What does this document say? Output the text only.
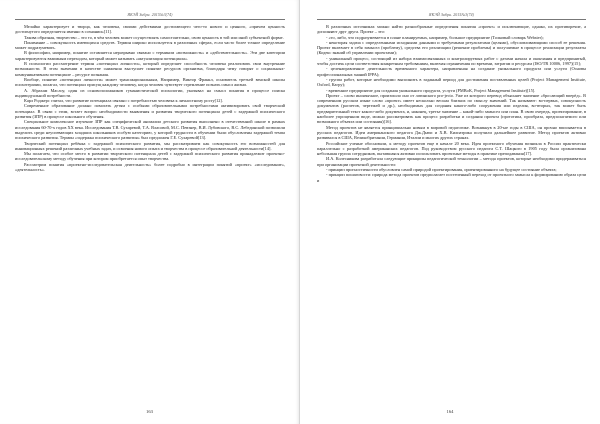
ЯКЭЙ Зибрн. 2015№3(74)

Мелайко характеризует и творца, как человека, своими действиями достигающего чего-то нового и ценного, «причем ценность достигнутого определяется именно в сознании»[11].

Такова образная, творчество – это то, в чём человек может осуществлять самостоятельно, свою ценность в той или иной субъектной форме.

Понимание – совокупность имеющихся средств. Термин широко используется в различных сферах, если часто более точное определение может подразумевать.

В философии, например, понятие оставляется неразрывно связано с термином «возможность» и «действительность». Эти две категории характеризуются взаимным переходом, который может называть «актуализация потенциала».

В психологии рассмотрение термин «потенциал личности», который определяет способность человека реализовать свои внутренние возможности. В этом значении в качестве снижения выступает понятие ресурсов организма, благодаря чему говорят о социальных-коммуникативном потенциале – ресурсе познания.

Вообще, понятие «потенциал личности» может трансакциональным, Например, Виктор Франкл, основатель третьей венской школы психотерапии, полагал, что потенциал присущ каждому человеку, когда человек чувствует стремление познать смысл жизни.

А. Абрахам Маслоу, один из основоположников гуманистической психологии, указывал на смысл понятия в процессе поиска индивидуальной потребности.

Карл Роджерс считал, что развитие потенциала связано с потребностью человека к личностному росту[12].

Современное образование должно помогать детям с особыми образовательными потребностями активизировать свой творческий потенциал. В связи с этим, встает вопрос необходимости выявления и развития творческого потенциала детей с задержкой психического развития (ЗПР) в процессе школьного обучения.

Специальное комплексное изучение ЗПР как специфической аномалии детского развития выполнено в отечественной школе в рамках исследования 60-70-х годов XX века. Исследования Т.В. Сухаревой, Т.А. Власовой, М.С. Певзнер, В.И. Лубовского, В.С. Лебединской позволили выделить среди неуспевающих младших школьников особую категорию, у которой трудности в обучении были обусловлены задержкой темпа психического развития. Термин «задержка психического развития» был предложен Г.Е. Сухаревой[13].

Творческий потенциал ребёнка с задержкой психического развития, мы рассматриваем как совокупность его возможностей для инновационных решений различных учебных задач, и освоения нового опыта и творчества в процессе образовательной деятельности[14].

Мы полагаем, что особое место в развитии творческого потенциала детей с задержкой психического развития принадлежит проектно-исследовательскому методу обучения при котором приобретается опыт творчества.

Рассмотрим понятия «проектно-исследовательская деятельность» более подробно в интеграции понятий «проект» «исследование», «деятельность».

163
ЯКЭЙ Зибрн. 2015№3(74)

В различных источниках можно найти разнообразные определения понятия «проект» и исключающие, однако, их противоречие, а дополняют друг друга. Проект – это:

- «то, либо, что подразумевается в плане планируемых, например, большое предприятие (Толковый словарь Webster);

- некоторая задача с определенными исходными данными и требуемыми результатами (целями), обусловливающими способ ее решения. Проект включает в себя замысел (проблему), средства его реализации (решение проблемы) и получаемые в процессе реализации результаты (Кодекс знаний об управлении проектами);

- уникальный процесс, состоящий из набора взаимосвязанных и контролируемых работ с датами начала и окончания и предпринятый, чтобы достичь цели соответствия конкретным требованиям, включая ограничения по времени, затратам и ресурсам (ISO/TR 10006, 1997)[15];

- целенаправленное деятельность временного характера, направленная на создание уникального продукта или услуги (Основы профессиональных знаний IPPA);

- группа работ, которые необходимо выполнить в заданный период для достижения поставленных целей (Project Management Institute, Oxford, Кагру);

- временное предприятие для создания уникального продукта, услуги (PMBoK, Project Management Institute)[15].

Проект – слово иноязычное, произошло оно от латинского pro-jecto. Уже из которого перевод объясняет значение «бросающий вперёд». В современном русском языке слово «проект» имеет несколько весьма близких по смыслу значений. Так называют: во-первых, совокупность документов (расчетов, чертежей и др.), необходимых для создания какого-либо сооружения или изделия, во-вторых, так может быть предварительный текст какого-либо документа, и, наконец, третье значение – какой-либо замысел или план. В свою очередь, проектирование, в наиболее упрощенном виде, можно рассматривать как процесс разработки и создания проекта (прототипа, прообраза, предполагаемого или возможного объекта или состояния)[16].

Метод проектов не является принципиально новым в мировой педагогике. Возникнув в 20-ые годы в США, он прочно вписывается в русских педагогов. Идеи американского педагога Дж.Дьюи и Х.В. Килпатрика получили дальнейшее развитие. Метод проектов активно развивался в США, Великобритании, Германии, Италии и многих других странах.

Российские ученые обосновали, к методу проектов еще в начале 20 века. Идея проектного обучения возникла в России практически параллельно с разработкой американских педагогов. Под руководством русского педагога С.Т. Шацкого в 1905 году была организована небольшая группа сотрудников, пытавшаяся активно использовать проектные методы в практике преподавания[17].

И.А. Колесникова разработала следующие принципы педагогической технологии – метода проектов, которые необходимо придерживаться при организации проектной деятельности:

- принцип прогностичности обусловлен самой природой проектирования, ориентированного на будущее состояние объекта;

- принцип пошаговости: природа метода проектов предполагает постепенный переход от проектного замысла к формированию образа цели и

164
